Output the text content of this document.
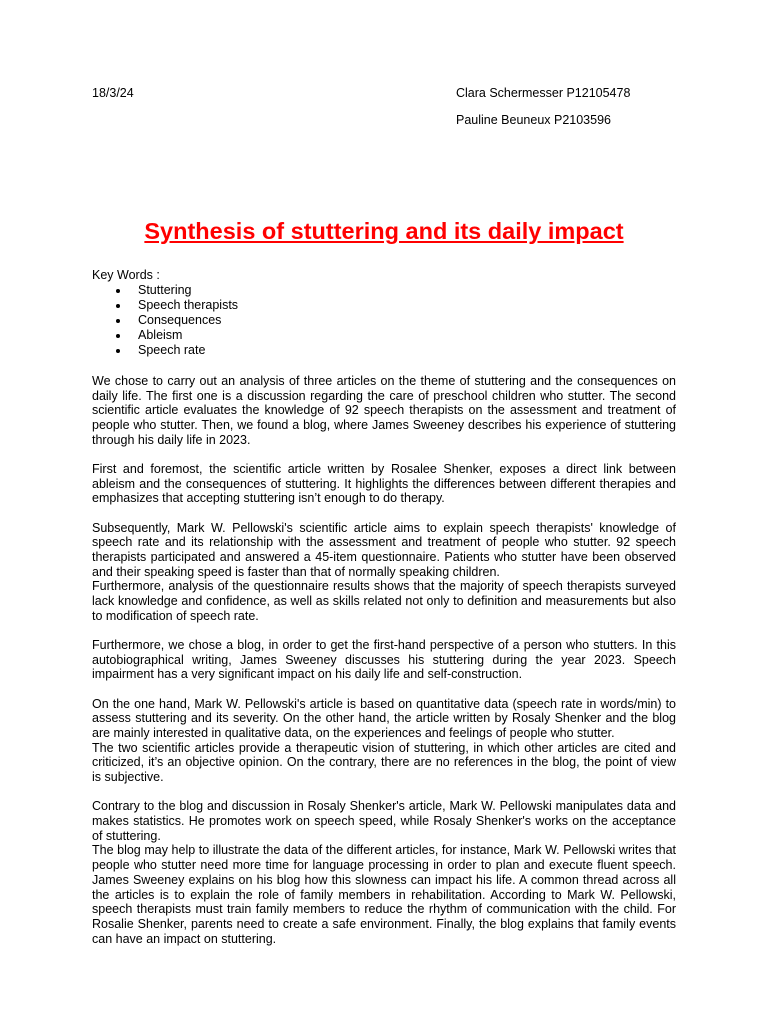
18/3/24	Clara Schermesser P12105478
Pauline Beuneux P2103596
Synthesis of stuttering and its daily impact
Key Words :
Stuttering
Speech therapists
Consequences
Ableism
Speech rate

We chose to carry out an analysis of three articles on the theme of stuttering and the consequences on daily life. The first one is a discussion regarding the care of preschool children who stutter. The second scientific article evaluates the knowledge of 92 speech therapists on the assessment and treatment of people who stutter. Then, we found a blog, where James Sweeney describes his experience of stuttering through his daily life in 2023.

First and foremost, the scientific article written by Rosalee Shenker, exposes a direct link between ableism and the consequences of stuttering. It highlights the differences between different therapies and emphasizes that accepting stuttering isn’t enough to do therapy.

Subsequently, Mark W. Pellowski's scientific article aims to explain speech therapists' knowledge of speech rate and its relationship with the assessment and treatment of people who stutter. 92 speech therapists participated and answered a 45-item questionnaire. Patients who stutter have been observed and their speaking speed is faster than that of normally speaking children.
Furthermore, analysis of the questionnaire results shows that the majority of speech therapists surveyed lack knowledge and confidence, as well as skills related not only to definition and measurements but also to modification of speech rate.

Furthermore, we chose a blog, in order to get the first-hand perspective of a person who stutters. In this autobiographical writing, James Sweeney discusses his stuttering during the year 2023. Speech impairment has a very significant impact on his daily life and self-construction.

On the one hand, Mark W. Pellowski's article is based on quantitative data (speech rate in words/min) to assess stuttering and its severity. On the other hand, the article written by Rosaly Shenker and the blog are mainly interested in qualitative data, on the experiences and feelings of people who stutter.
The two scientific articles provide a therapeutic vision of stuttering, in which other articles are cited and criticized, it’s an objective opinion. On the contrary, there are no references in the blog, the point of view is subjective.

Contrary to the blog and discussion in Rosaly Shenker's article, Mark W. Pellowski manipulates data and makes statistics. He promotes work on speech speed, while Rosaly Shenker's works on the acceptance of stuttering.
The blog may help to illustrate the data of the different articles, for instance, Mark W. Pellowski writes that people who stutter need more time for language processing in order to plan and execute fluent speech. James Sweeney explains on his blog how this slowness can impact his life. A common thread across all the articles is to explain the role of family members in rehabilitation. According to Mark W. Pellowski, speech therapists must train family members to reduce the rhythm of communication with the child. For Rosalie Shenker, parents need to create a safe environment. Finally, the blog explains that family events can have an impact on stuttering.
